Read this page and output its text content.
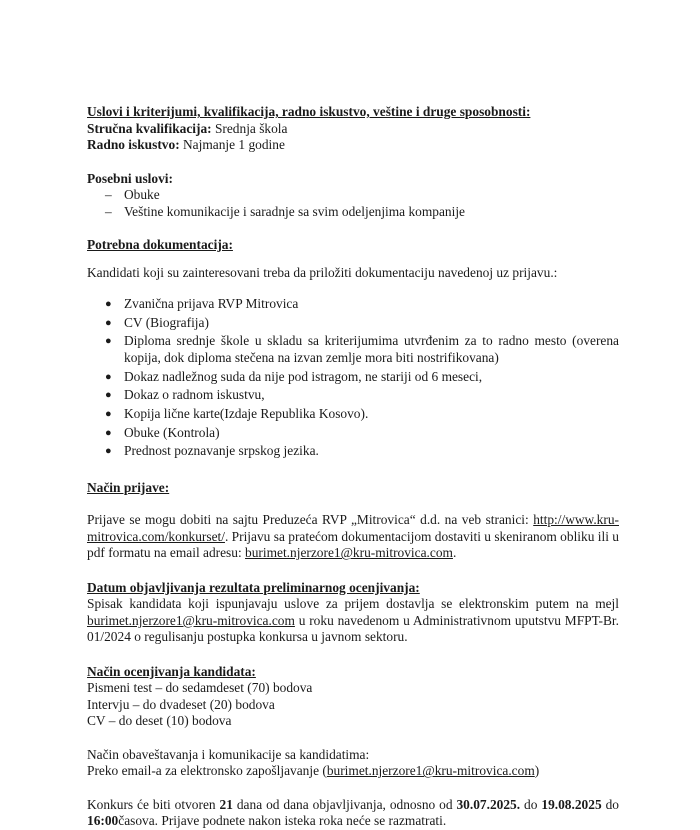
Uslovi i kriterijumi, kvalifikacija, radno iskustvo, veštine i druge sposobnosti:

Stručna kvalifikacija: Srednja škola

Radno iskustvo: Najmanje 1 godine

Posebni uslovi:

– Obuke
– Veštine komunikacije i saradnje sa svim odeljenjima kompanije

Potrebna dokumentacija:

Kandidati koji su zainteresovani treba da priložiti dokumentaciju navedenoj uz prijavu.:

● Zvanična prijava RVP Mitrovica
● CV (Biografija)
● Diploma srednje škole u skladu sa kriterijumima utvrđenim za to radno mesto (overena kopija, dok diploma stečena na izvan zemlje mora biti nostrifikovana)
● Dokaz nadležnog suda da nije pod istragom, ne stariji od 6 meseci,
● Dokaz o radnom iskustvu,
● Kopija lične karte(Izdaje Republika Kosovo).
● Obuke (Kontrola)
● Prednost poznavanje srpskog jezika.

Način prijave:

Prijave se mogu dobiti na sajtu Preduzeća RVP „Mitrovica“ d.d. na veb stranici: http://www.kru-mitrovica.com/konkurset/. Prijavu sa pratećom dokumentacijom dostaviti u skeniranom obliku ili u pdf formatu na email adresu: burimet.njerzore1@kru-mitrovica.com.

Datum objavljivanja rezultata preliminarnog ocenjivanja:

Spisak kandidata koji ispunjavaju uslove za prijem dostavlja se elektronskim putem na mejl burimet.njerzore1@kru-mitrovica.com u roku navedenom u Administrativnom uputstvu MFPT-Br. 01/2024 o regulisanju postupka konkursa u javnom sektoru.

Način ocenjivanja kandidata:

Pismeni test – do sedamdeset (70) bodova

Intervju – do dvadeset (20) bodova

CV – do deset (10) bodova

Način obaveštavanja i komunikacije sa kandidatima:

Preko email-a za elektronsko zapošljavanje (burimet.njerzore1@kru-mitrovica.com)

Konkurs će biti otvoren 21 dana od dana objavljivanja, odnosno od 30.07.2025. do 19.08.2025 do 16:00časova. Prijave podnete nakon isteka roka neće se razmatrati.
